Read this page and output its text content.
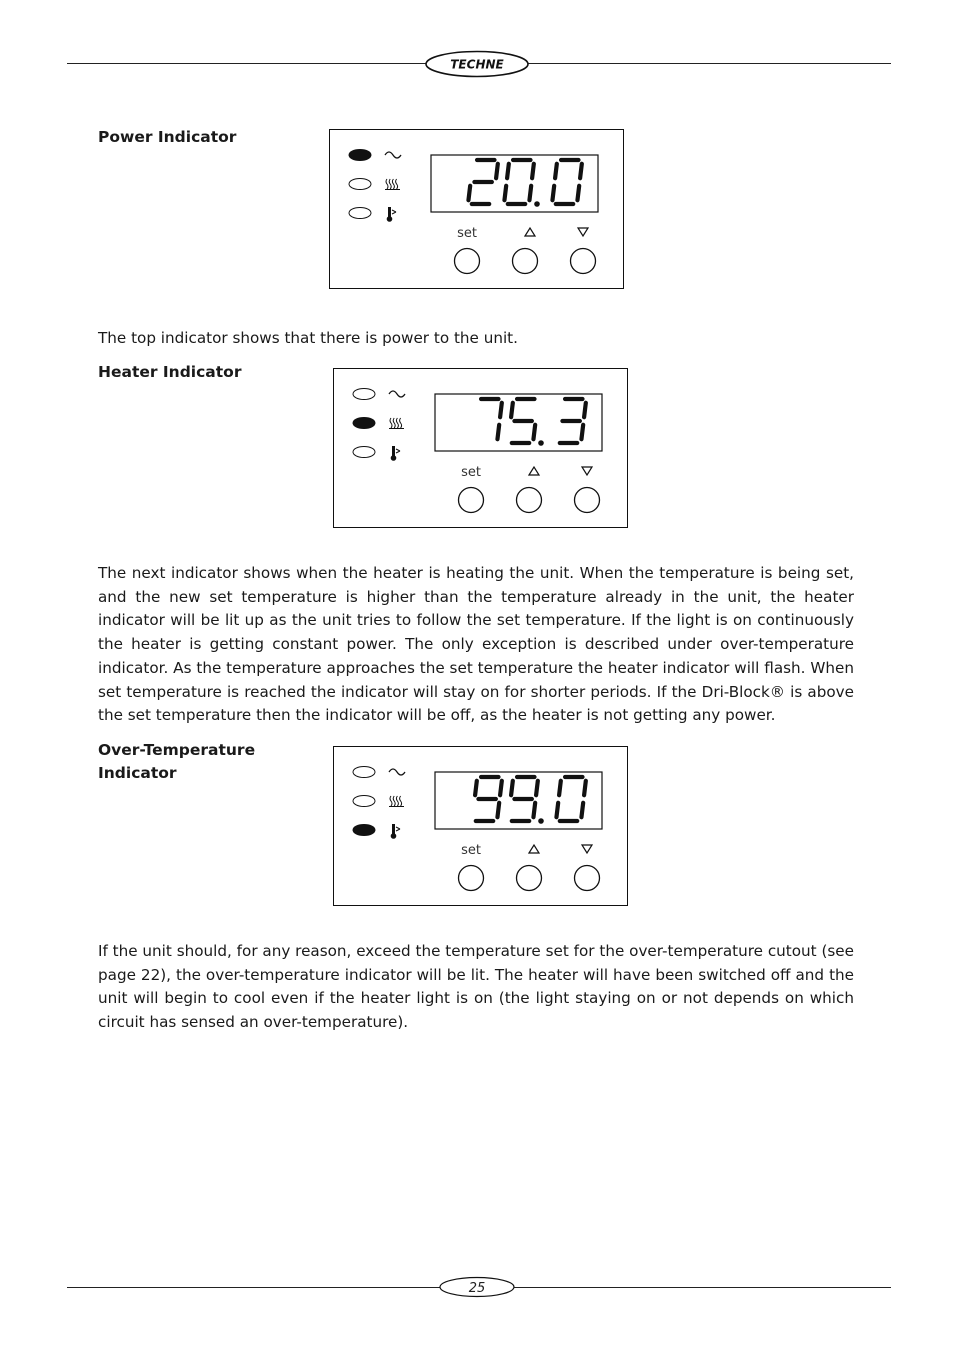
TECHNE
Power Indicator
set

The top indicator shows that there is power to the unit.

Heater Indicator
set

The next indicator shows when the heater is heating the unit. When the temperature is being set, and the new set temperature is higher than the temperature already in the unit, the heater indicator will be lit up as the unit tries to follow the set temperature. If the light is on continuously the heater is getting constant power. The only exception is described under over-temperature indicator. As the temperature approaches the set temperature the heater indicator will flash. When set temperature is reached the indicator will stay on for shorter periods. If the Dri-Block® is above the set temperature then the indicator will be off, as the heater is not getting any power.

Over-Temperature
Indicator
set

If the unit should, for any reason, exceed the temperature set for the over-temperature cutout (see page 22), the over-temperature indicator will be lit. The heater will have been switched off and the unit will begin to cool even if the heater light is on (the light staying on or not depends on which circuit has sensed an over-temperature).

25
